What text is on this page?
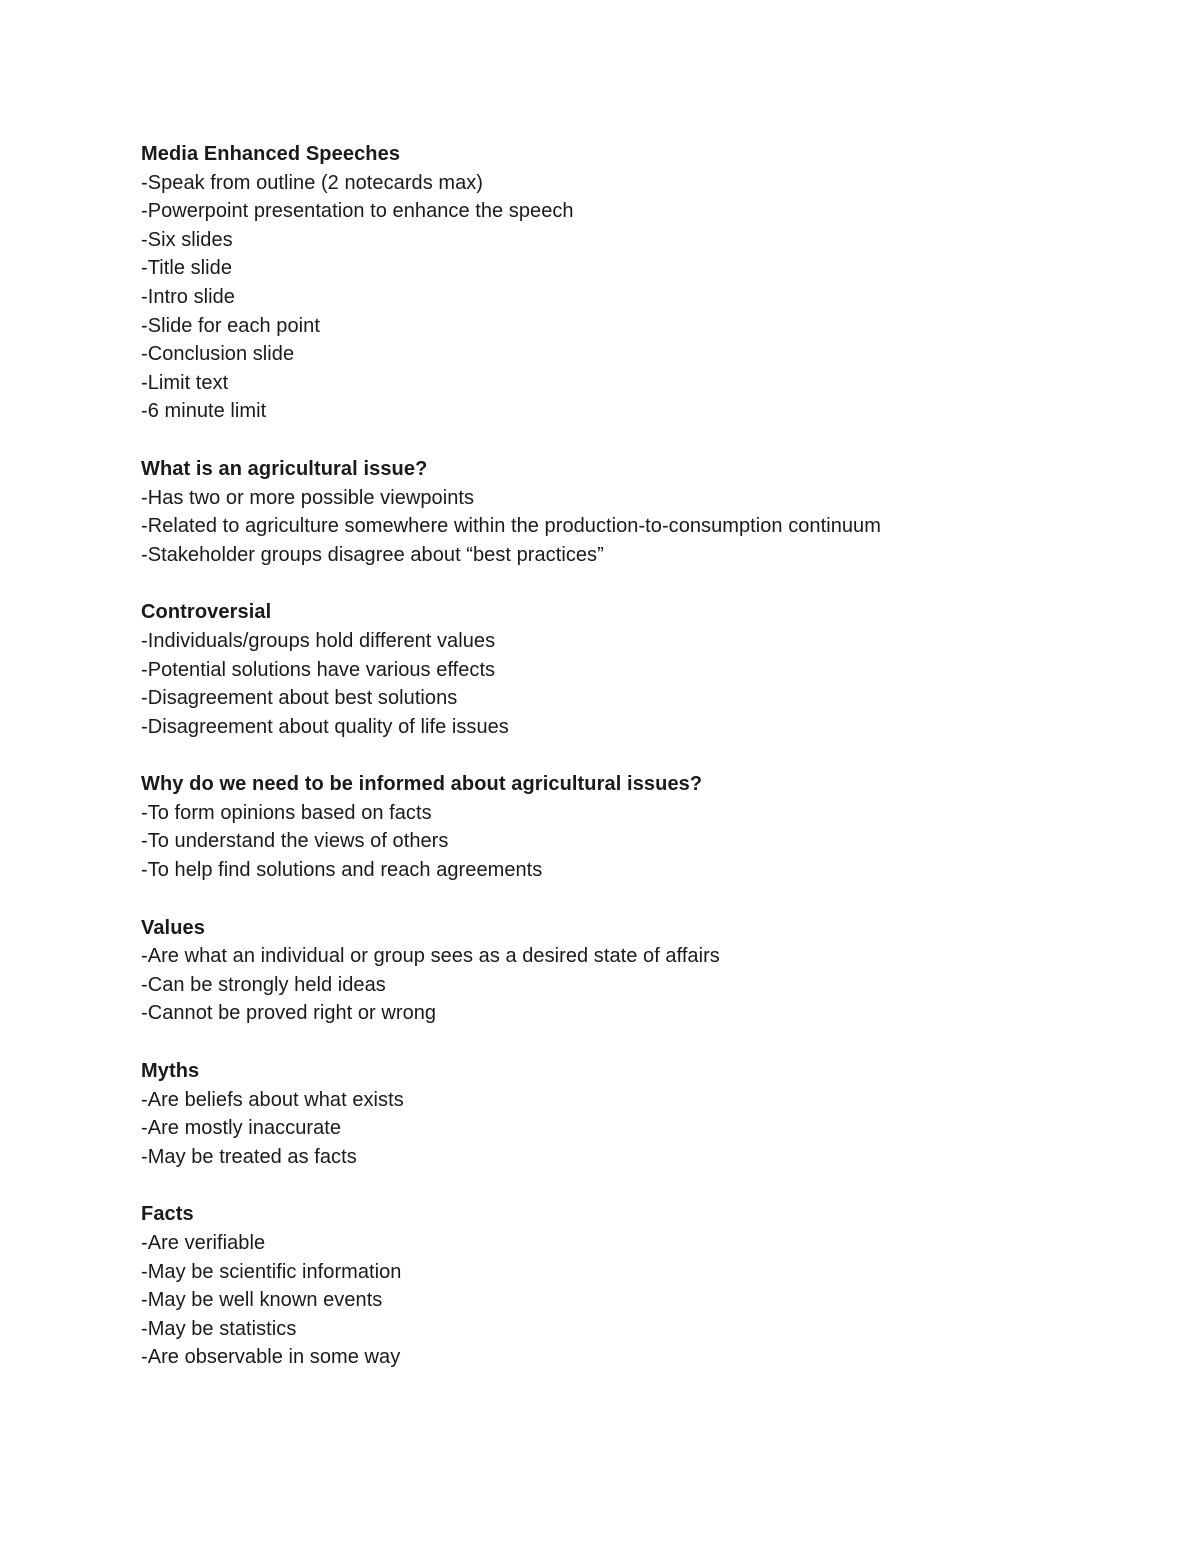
Media Enhanced Speeches
-Speak from outline (2 notecards max)
-Powerpoint presentation to enhance the speech
-Six slides
-Title slide
-Intro slide
-Slide for each point
-Conclusion slide
-Limit text
-6 minute limit
What is an agricultural issue?
-Has two or more possible viewpoints
-Related to agriculture somewhere within the production-to-consumption continuum
-Stakeholder groups disagree about “best practices”
Controversial
-Individuals/groups hold different values
-Potential solutions have various effects
-Disagreement about best solutions
-Disagreement about quality of life issues
Why do we need to be informed about agricultural issues?
-To form opinions based on facts
-To understand the views of others
-To help find solutions and reach agreements
Values
-Are what an individual or group sees as a desired state of affairs
-Can be strongly held ideas
-Cannot be proved right or wrong
Myths
-Are beliefs about what exists
-Are mostly inaccurate
-May be treated as facts
Facts
-Are verifiable
-May be scientific information
-May be well known events
-May be statistics
-Are observable in some way
